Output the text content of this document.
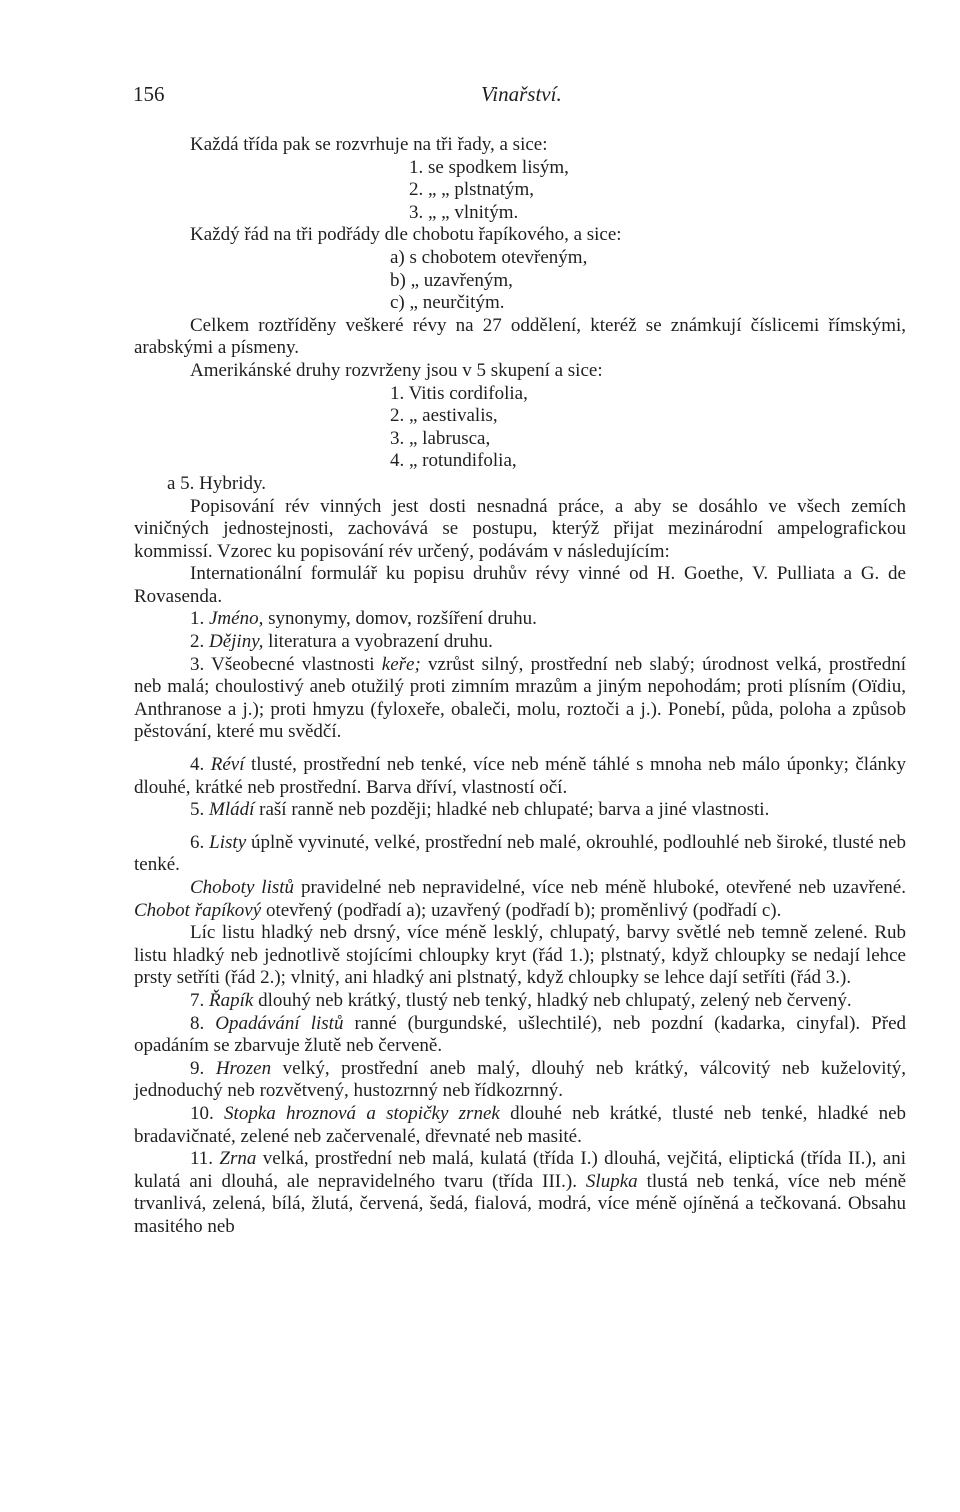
156	Vinařství.
Každá třída pak se rozvrhuje na tři řady, a sice:
1. se spodkem lisým,
2. „ „ plstnatým,
3. „ „ vlnitým.
Každý řád na tři podřády dle chobotu řapíkového, a sice:
a) s chobotem otevřeným,
b) „ uzavřeným,
c) „ neurčitým.
Celkem roztříděny veškeré révy na 27 oddělení, kteréž se známkují číslicemi římskými, arabskými a písmeny.
Amerikánské druhy rozvrženy jsou v 5 skupení a sice:
1. Vitis cordifolia,
2. „ aestivalis,
3. „ labrusca,
4. „ rotundifolia,
a 5. Hybridy.
Popisování rév vinných jest dosti nesnadná práce, a aby se dosáhlo ve všech zemích viničných jednostejnosti, zachovává se postupu, kterýž přijat mezinárodní ampelografickou kommissí. Vzorec ku popisování rév určený, podávám v následujícím:
Internationální formulář ku popisu druhův révy vinné od H. Goethe, V. Pulliata a G. de Rovasenda.
1. Jméno, synonymy, domov, rozšíření druhu.
2. Dějiny, literatura a vyobrazení druhu.
3. Všeobecné vlastnosti keře; vzrůst silný, prostřední neb slabý; úrodnost velká, prostřední neb malá; choulostivý aneb otužilý proti zimním mrazům a jiným nepohodám; proti plísním (Oïdiu, Anthranose a j.); proti hmyzu (fyloxeře, obaleči, molu, roztoči a j.). Ponebí, půda, poloha a způsob pěstování, které mu svědčí.
4. Réví tlusté, prostřední neb tenké, více neb méně táhlé s mnoha neb málo úponky; články dlouhé, krátké neb prostřední. Barva dříví, vlastností očí.
5. Mládí raší ranně neb později; hladké neb chlupaté; barva a jiné vlastnosti.
6. Listy úplně vyvinuté, velké, prostřední neb malé, okrouhlé, podlouhlé neb široké, tlusté neb tenké.
Choboty listů pravidelné neb nepravidelné, více neb méně hluboké, otevřené neb uzavřené. Chobot řapíkový otevřený (podřadí a); uzavřený (podřadí b); proměnlivý (podřadí c).
Líc listu hladký neb drsný, více méně lesklý, chlupatý, barvy světlé neb temně zelené. Rub listu hladký neb jednotlivě stojícími chloupky kryt (řád 1.); plstnatý, když chloupky se nedají lehce prsty setříti (řád 2.); vlnitý, ani hladký ani plstnatý, když chloupky se lehce dají setříti (řád 3.).
7. Řapík dlouhý neb krátký, tlustý neb tenký, hladký neb chlupatý, zelený neb červený.
8. Opadávání listů ranné (burgundské, ušlechtilé), neb pozdní (kadarka, cinyfal). Před opadáním se zbarvuje žlutě neb červeně.
9. Hrozen velký, prostřední aneb malý, dlouhý neb krátký, válcovitý neb kuželovitý, jednoduchý neb rozvětvený, hustozrnný neb řídkozrnný.
10. Stopka hroznová a stopičky zrnek dlouhé neb krátké, tlusté neb tenké, hladké neb bradavičnaté, zelené neb začervenalé, dřevnaté neb masité.
11. Zrna velká, prostřední neb malá, kulatá (třída I.) dlouhá, vejčitá, eliptická (třída II.), ani kulatá ani dlouhá, ale nepravidelného tvaru (třída III.). Slupka tlustá neb tenká, více neb méně trvanlivá, zelená, bílá, žlutá, červená, šedá, fialová, modrá, více méně ojíněná a tečkovaná. Obsahu masitého neb
